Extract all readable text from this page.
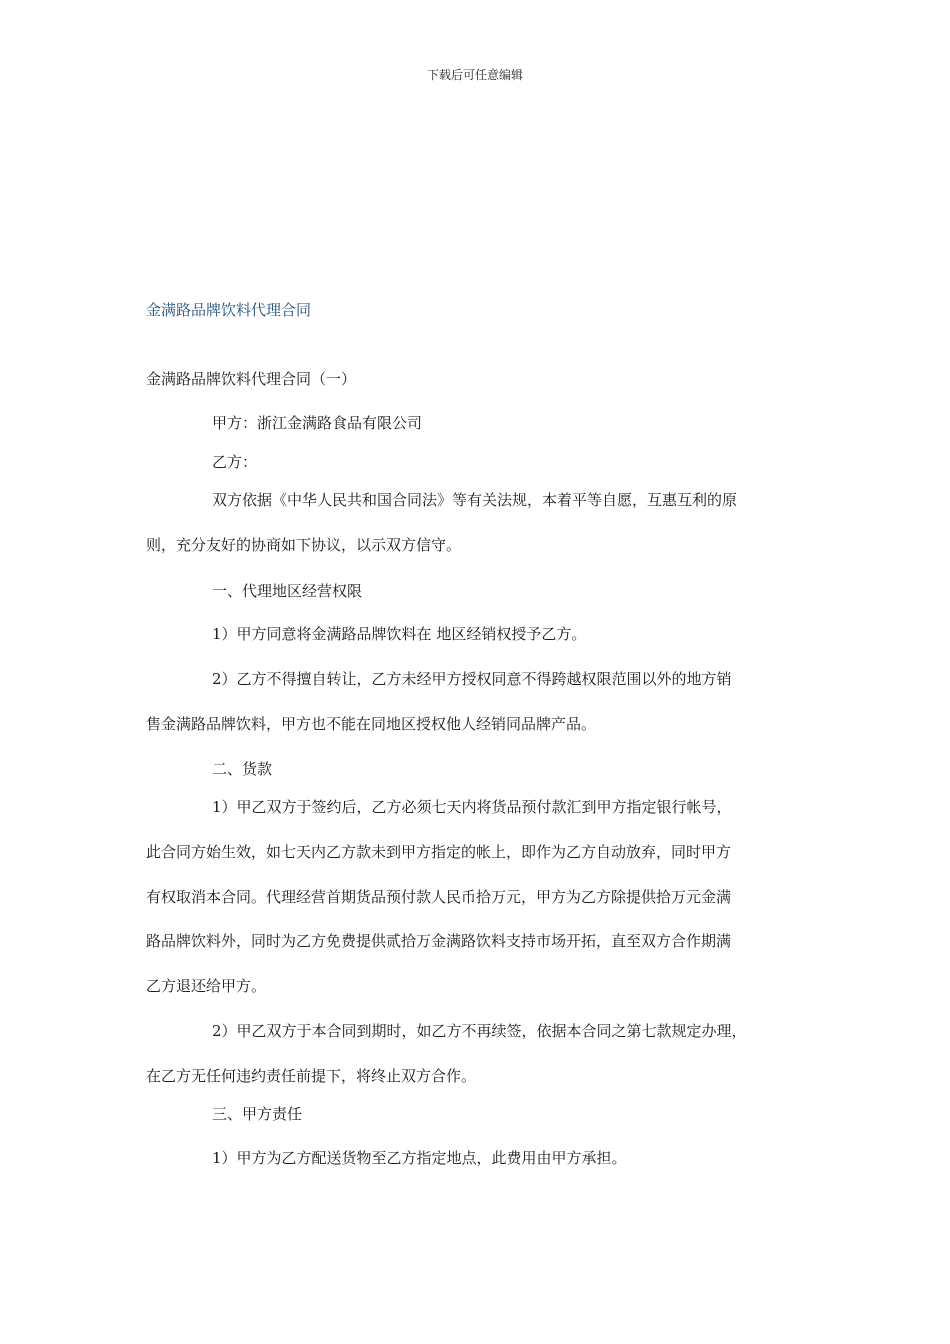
下载后可任意编辑
金满路品牌饮料代理合同
金满路品牌饮料代理合同（一）
甲方：浙江金满路食品有限公司
乙方：
双方依据《中华人民共和国合同法》等有关法规，本着平等自愿，互惠互利的原
则，充分友好的协商如下协议，以示双方信守。
一、代理地区经营权限
1）甲方同意将金满路品牌饮料在 地区经销权授予乙方。
2）乙方不得擅自转让，乙方未经甲方授权同意不得跨越权限范围以外的地方销
售金满路品牌饮料，甲方也不能在同地区授权他人经销同品牌产品。
二、货款
1）甲乙双方于签约后，乙方必须七天内将货品预付款汇到甲方指定银行帐号，
此合同方始生效，如七天内乙方款未到甲方指定的帐上，即作为乙方自动放弃，同时甲方
有权取消本合同。代理经营首期货品预付款人民币拾万元，甲方为乙方除提供拾万元金满
路品牌饮料外，同时为乙方免费提供贰拾万金满路饮料支持市场开拓，直至双方合作期满
乙方退还给甲方。
2）甲乙双方于本合同到期时，如乙方不再续签，依据本合同之第七款规定办理，
在乙方无任何违约责任前提下，将终止双方合作。
三、甲方责任
1）甲方为乙方配送货物至乙方指定地点，此费用由甲方承担。
